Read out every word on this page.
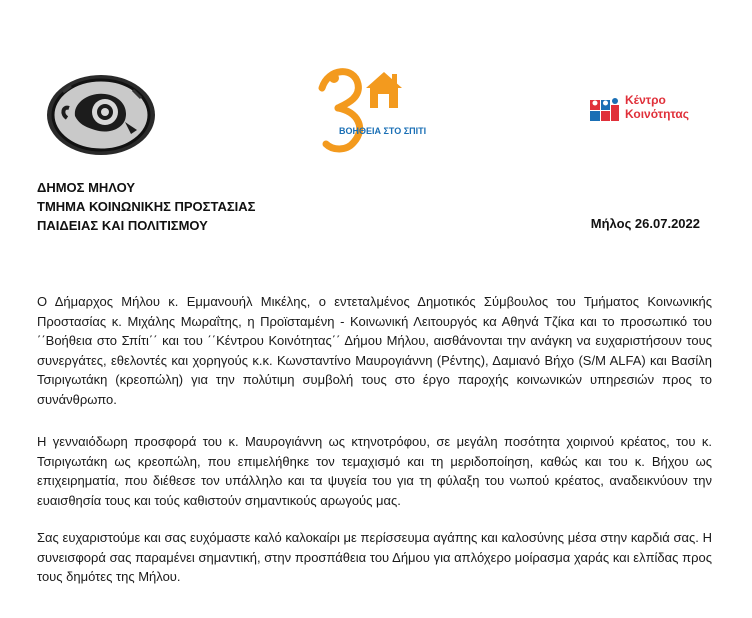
ΒΟΗΘΕΙΑ ΣΤΟ ΣΠΙΤΙ
Κέντρο
Κοινότητας
ΔΗΜΟΣ ΜΗΛΟΥ
ΤΜΗΜΑ ΚΟΙΝΩΝΙΚΗΣ ΠΡΟΣΤΑΣΙΑΣ
ΠΑΙΔΕΙΑΣ ΚΑΙ ΠΟΛΙΤΙΣΜΟΥ	Μήλος 26.07.2022
Ο Δήμαρχος Μήλου κ. Εμμανουήλ Μικέλης, ο εντεταλμένος Δημοτικός Σύμβουλος του Τμήματος Κοινωνικής Προστασίας κ. Μιχάλης Μωραΐτης, η Προϊσταμένη - Κοινωνική Λειτουργός κα Αθηνά Τζίκα και το προσωπικό του ΄΄Βοήθεια στο Σπίτι΄΄ και του ΄΄Κέντρου Κοινότητας΄΄ Δήμου Μήλου, αισθάνονται την ανάγκη να ευχαριστήσουν τους συνεργάτες, εθελοντές και χορηγούς κ.κ. Κωνσταντίνο Μαυρογιάννη (Ρέντης), Δαμιανό Βήχο (S/M ALFA) και Βασίλη Τσιριγωτάκη (κρεοπώλη) για την πολύτιμη συμβολή τους στο έργο παροχής κοινωνικών υπηρεσιών προς το συνάνθρωπο.
Η γενναιόδωρη προσφορά του κ. Μαυρογιάννη ως κτηνοτρόφου, σε μεγάλη ποσότητα χοιρινού κρέατος, του κ. Τσιριγωτάκη ως κρεοπώλη, που επιμελήθηκε τον τεμαχισμό και τη μεριδοποίηση, καθώς και του κ. Βήχου ως επιχειρηματία, που διέθεσε τον υπάλληλο και τα ψυγεία του για τη φύλαξη του νωπού κρέατος, αναδεικνύουν την ευαισθησία τους και τούς καθιστούν σημαντικούς αρωγούς μας.
Σας ευχαριστούμε και σας ευχόμαστε καλό καλοκαίρι με περίσσευμα αγάπης και καλοσύνης μέσα στην καρδιά σας. Η συνεισφορά σας παραμένει σημαντική, στην προσπάθεια του Δήμου για απλόχερο μοίρασμα χαράς και ελπίδας προς τους δημότες της Μήλου.
